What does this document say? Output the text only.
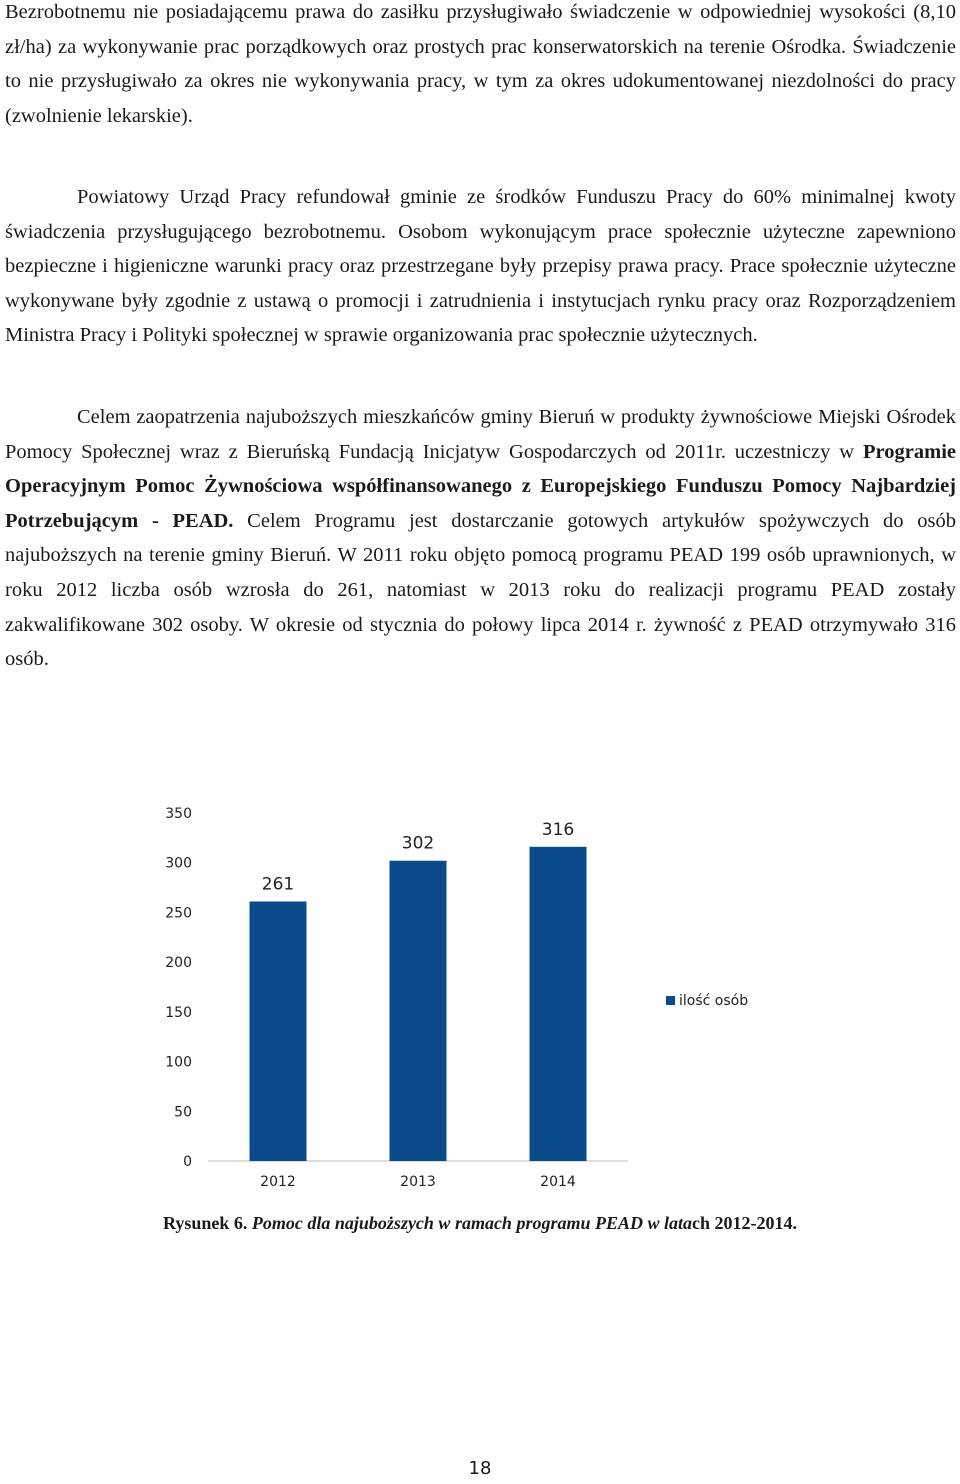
Bezrobotnemu nie posiadającemu prawa do zasiłku przysługiwało świadczenie w odpowiedniej wysokości (8,10 zł/ha) za wykonywanie prac porządkowych oraz prostych prac konserwatorskich na terenie Ośrodka. Świadczenie to nie przysługiwało za okres nie wykonywania pracy, w tym za okres udokumentowanej niezdolności do pracy (zwolnienie lekarskie).

Powiatowy Urząd Pracy refundował gminie ze środków Funduszu Pracy do 60% minimalnej kwoty świadczenia przysługującego bezrobotnemu. Osobom wykonującym prace społecznie użyteczne zapewniono bezpieczne i higieniczne warunki pracy oraz przestrzegane były przepisy prawa pracy. Prace społecznie użyteczne wykonywane były zgodnie z ustawą o promocji i zatrudnienia i instytucjach rynku pracy oraz Rozporządzeniem Ministra Pracy i Polityki społecznej w sprawie organizowania prac społecznie użytecznych.

Celem zaopatrzenia najuboższych mieszkańców gminy Bieruń w produkty żywnościowe Miejski Ośrodek Pomocy Społecznej wraz z Bieruńską Fundacją Inicjatyw Gospodarczych od 2011r. uczestniczy w Programie Operacyjnym Pomoc Żywnościowa współfinansowanego z Europejskiego Funduszu Pomocy Najbardziej Potrzebującym - PEAD. Celem Programu jest dostarczanie gotowych artykułów spożywczych do osób najuboższych na terenie gminy Bieruń. W 2011 roku objęto pomocą programu PEAD 199 osób uprawnionych, w roku 2012 liczba osób wzrosła do 261, natomiast w 2013 roku do realizacji programu PEAD zostały zakwalifikowane 302 osoby. W okresie od stycznia do połowy lipca 2014 r. żywność z PEAD otrzymywało 316 osób.

0
50
100
150
200
250
300
350
261
2012
302
2013
316
2014
ilość osób
Rysunek 6. Pomoc dla najuboższych w ramach programu PEAD w latach 2012-2014.
18
